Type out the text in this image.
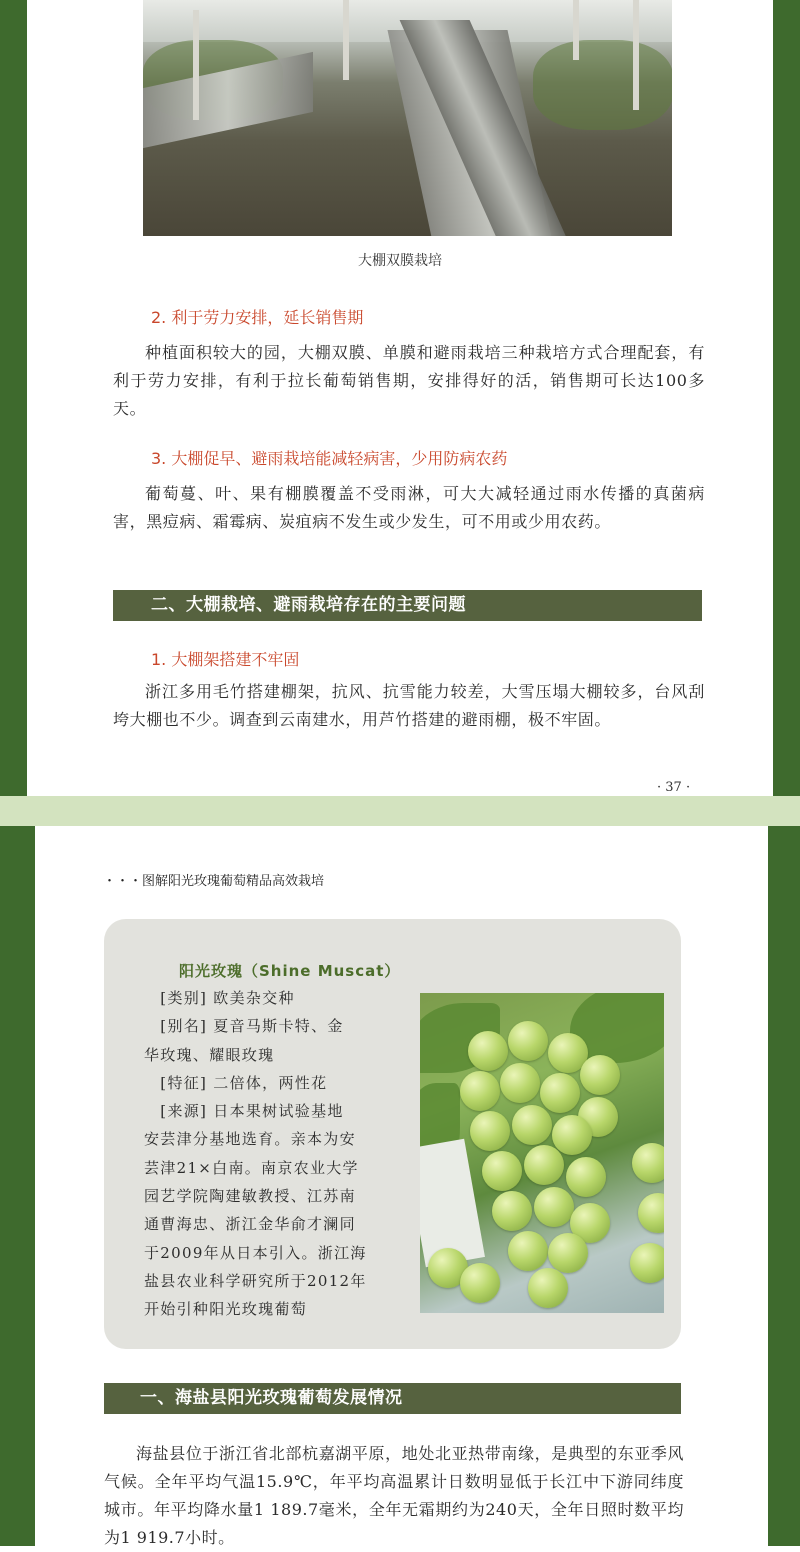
大棚双膜栽培
2. 利于劳力安排，延长销售期
种植面积较大的园，大棚双膜、单膜和避雨栽培三种栽培方式合理配套，有利于劳力安排，有利于拉长葡萄销售期，安排得好的活，销售期可长达100多天。
3. 大棚促早、避雨栽培能减轻病害，少用防病农药
葡萄蔓、叶、果有棚膜覆盖不受雨淋，可大大减轻通过雨水传播的真菌病害，黑痘病、霜霉病、炭疽病不发生或少发生，可不用或少用农药。
二、大棚栽培、避雨栽培存在的主要问题
1. 大棚架搭建不牢固
浙江多用毛竹搭建棚架，抗风、抗雪能力较差，大雪压塌大棚较多，台风刮垮大棚也不少。调查到云南建水，用芦竹搭建的避雨棚，极不牢固。
· 37 ·
・・・图解阳光玫瑰葡萄精品高效栽培
阳光玫瑰（Shine Muscat）

　[类别] 欧美杂交种

　[别名] 夏音马斯卡特、金

华玫瑰、耀眼玫瑰

　[特征] 二倍体，两性花

　[来源] 日本果树试验基地

安芸津分基地选育。亲本为安

芸津21×白南。南京农业大学

园艺学院陶建敏教授、江苏南

通曹海忠、浙江金华俞才澜同

于2009年从日本引入。浙江海

盐县农业科学研究所于2012年

开始引种阳光玫瑰葡萄

一、海盐县阳光玫瑰葡萄发展情况
海盐县位于浙江省北部杭嘉湖平原，地处北亚热带南缘，是典型的东亚季风气候。全年平均气温15.9℃，年平均高温累计日数明显低于长江中下游同纬度城市。年平均降水量1 189.7毫米，全年无霜期约为240天，全年日照时数平均为1 919.7小时。
